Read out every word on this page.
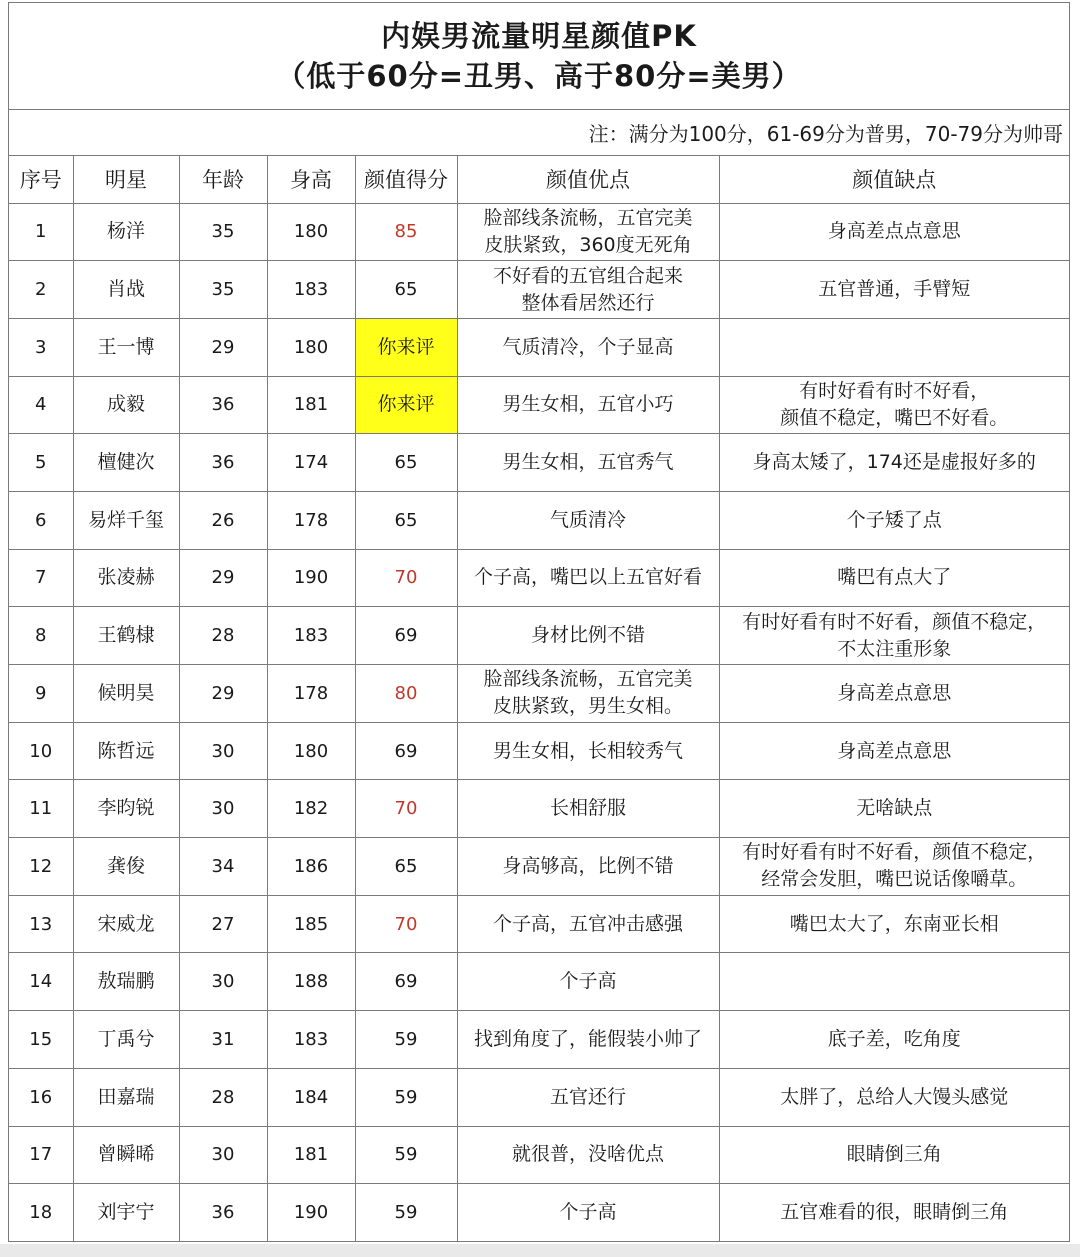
内娱男流量明星颜值PK
（低于60分=丑男、高于80分=美男）
注：满分为100分，61-69分为普男，70-79分为帅哥
序号	明星	年龄	身高	颜值得分	颜值优点	颜值缺点
1	杨洋	35	180	85	脸部线条流畅，五官完美
皮肤紧致，360度无死角	身高差点点意思

2	肖战	35	183	65	不好看的五官组合起来
整体看居然还行	五官普通，手臂短

3	王一博	29	180	你来评	气质清冷，个子显高	

4	成毅	36	181	你来评	男生女相，五官小巧	有时好看有时不好看，
颜值不稳定，嘴巴不好看。

5	檀健次	36	174	65	男生女相，五官秀气	身高太矮了，174还是虚报好多的

6	易烊千玺	26	178	65	气质清冷	个子矮了点

7	张凌赫	29	190	70	个子高，嘴巴以上五官好看	嘴巴有点大了

8	王鹤棣	28	183	69	身材比例不错	有时好看有时不好看，颜值不稳定，
不太注重形象

9	候明昊	29	178	80	脸部线条流畅，五官完美
皮肤紧致，男生女相。	身高差点意思

10	陈哲远	30	180	69	男生女相，长相较秀气	身高差点意思

11	李昀锐	30	182	70	长相舒服	无啥缺点

12	龚俊	34	186	65	身高够高，比例不错	有时好看有时不好看，颜值不稳定，
经常会发胆，嘴巴说话像嚼草。

13	宋威龙	27	185	70	个子高，五官冲击感强	嘴巴太大了，东南亚长相

14	敖瑞鹏	30	188	69	个子高	

15	丁禹兮	31	183	59	找到角度了，能假装小帅了	底子差，吃角度

16	田嘉瑞	28	184	59	五官还行	太胖了，总给人大馒头感觉

17	曾瞬晞	30	181	59	就很普，没啥优点	眼睛倒三角

18	刘宇宁	36	190	59	个子高	五官难看的很，眼睛倒三角
